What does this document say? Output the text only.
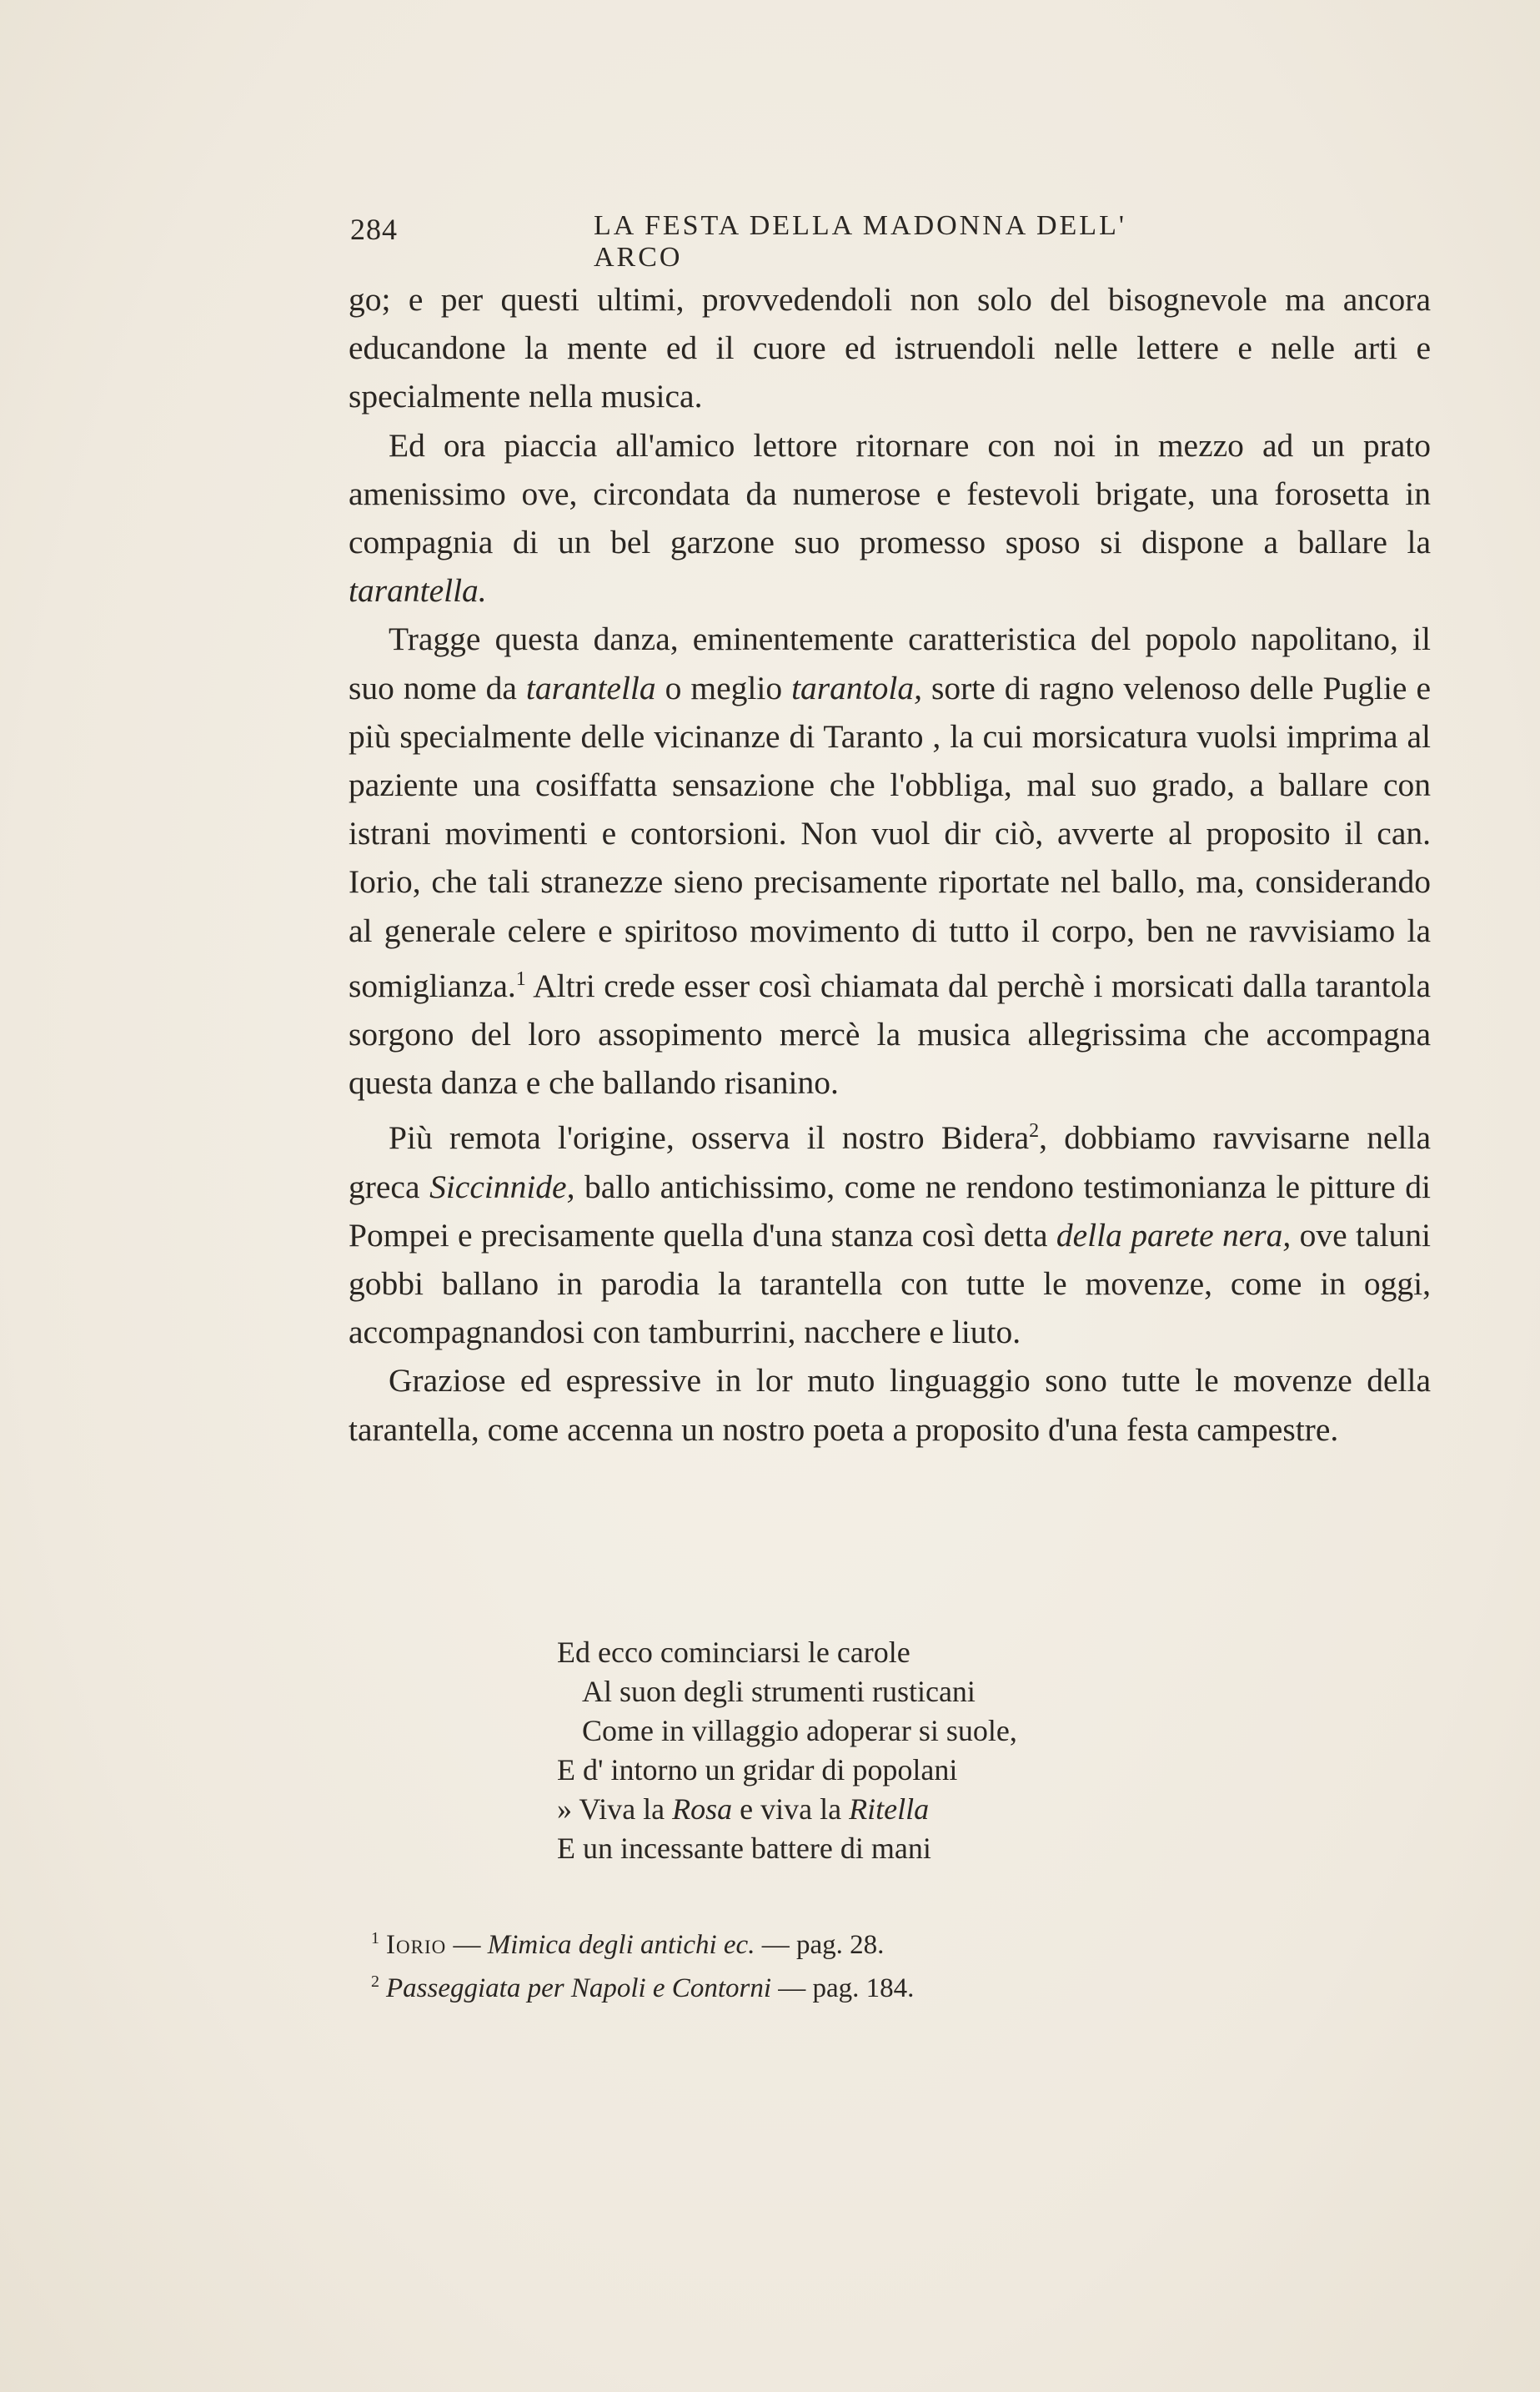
284	LA FESTA DELLA MADONNA DELL' ARCO

go; e per questi ultimi, provvedendoli non solo del bisognevole ma ancora educandone la mente ed il cuore ed istruendoli nelle lettere e nelle arti e specialmente nella musica.

Ed ora piaccia all'amico lettore ritornare con noi in mezzo ad un prato amenissimo ove, circondata da numerose e festevoli brigate, una forosetta in compagnia di un bel garzone suo promesso sposo si dispone a ballare la tarantella.

Tragge questa danza, eminentemente caratteristica del popolo napolitano, il suo nome da tarantella o meglio tarantola, sorte di ragno velenoso delle Puglie e più specialmente delle vicinanze di Taranto , la cui morsicatura vuolsi imprima al paziente una cosiffatta sensazione che l'obbliga, mal suo grado, a ballare con istrani movimenti e contorsioni. Non vuol dir ciò, avverte al proposito il can. Iorio, che tali stranezze sieno precisamente riportate nel ballo, ma, considerando al generale celere e spiritoso movimento di tutto il corpo, ben ne ravvisiamo la somiglianza.$^1$ Altri crede esser così chiamata dal perchè i morsicati dalla tarantola sorgono del loro assopimento mercè la musica allegrissima che accompagna questa danza e che ballando risanino.

Più remota l'origine, osserva il nostro Bidera$^2$, dobbiamo ravvisarne nella greca Siccinnide, ballo antichissimo, come ne rendono testimonianza le pitture di Pompei e precisamente quella d'una stanza così detta della parete nera, ove taluni gobbi ballano in parodia la tarantella con tutte le movenze, come in oggi, accompagnandosi con tamburrini, nacchere e liuto.

Graziose ed espressive in lor muto linguaggio sono tutte le movenze della tarantella, come accenna un nostro poeta a proposito d'una festa campestre.

Ed ecco cominciarsi le carole
Al suon degli strumenti rusticani
Come in villaggio adoperar si suole,
E d' intorno un gridar di popolani
» Viva la Rosa e viva la Ritella
E un incessante battere di mani
$^1$ Iorio — Mimica degli antichi ec. — pag. 28.
$^2$ Passeggiata per Napoli e Contorni — pag. 184.
